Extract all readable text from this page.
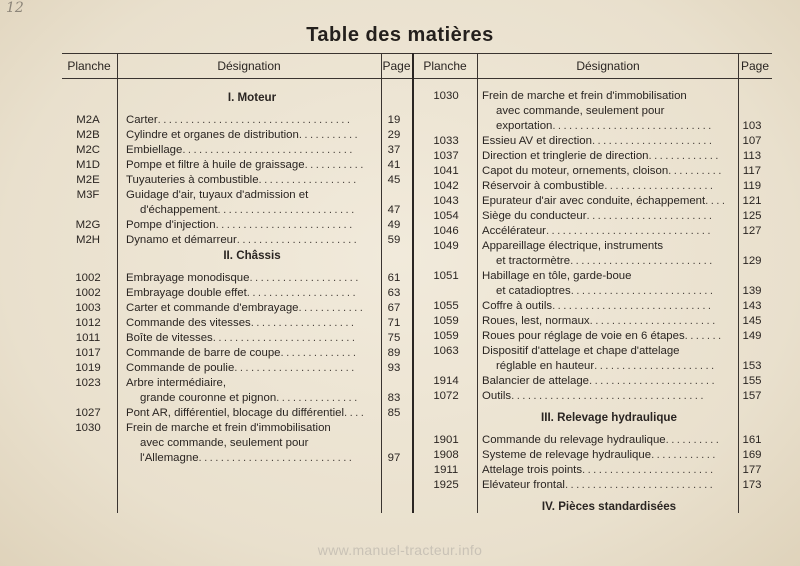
12
Table des matières
Planche	Désignation	Page	Planche	Désignation	Page
I. Moteur
M2A	Carter...................................	19
M2B	Cylindre et organes de distribution...........	29
M2C	Embiellage...............................	37
M1D	Pompe et filtre à huile de graissage...........	41
M2E	Tuyauteries à combustible..................	45
M3F	Guidage d'air, tuyaux d'admission et
d'échappement.........................	47
M2G	Pompe d'injection.........................	49
M2H	Dynamo et démarreur......................	59
II. Châssis
1002	Embrayage monodisque....................	61
1002	Embrayage double effet....................	63
1003	Carter et commande d'embrayage............	67
1012	Commande des vitesses...................	71
1011	Boîte de vitesses..........................	75
1017	Commande de barre de coupe..............	89
1019	Commande de poulie......................	93
1023	Arbre intermédiaire,
grande couronne et pignon...............	83
1027	Pont AR, différentiel, blocage du différentiel....	85
1030	Frein de marche et frein d'immobilisation
avec commande, seulement pour
l'Allemagne............................	97
1030	Frein de marche et frein d'immobilisation
avec commande, seulement pour
exportation.............................	103
1033	Essieu AV et direction......................	107
1037	Direction et tringlerie de direction.............	113
1041	Capot du moteur, ornements, cloison..........	117
1042	Réservoir à combustible....................	119
1043	Epurateur d'air avec conduite, échappement....	121
1054	Siège du conducteur.......................	125
1046	Accélérateur..............................	127
1049	Appareillage électrique, instruments
et tractormètre..........................	129
1051	Habillage en tôle, garde-boue
et catadioptres..........................	139
1055	Coffre à outils.............................	143
1059	Roues, lest, normaux.......................	145
1059	Roues pour réglage de voie en 6 étapes.......	149
1063	Dispositif d'attelage et chape d'attelage
réglable en hauteur......................	153
1914	Balancier de attelage.......................	155
1072	Outils...................................	157
III. Relevage hydraulique
1901	Commande du relevage hydraulique..........	161
1908	Systeme de relevage hydraulique............	169
1911	Attelage trois points........................	177
1925	Elévateur frontal...........................	173
IV. Pièces standardisées
www.manuel-tracteur.info
